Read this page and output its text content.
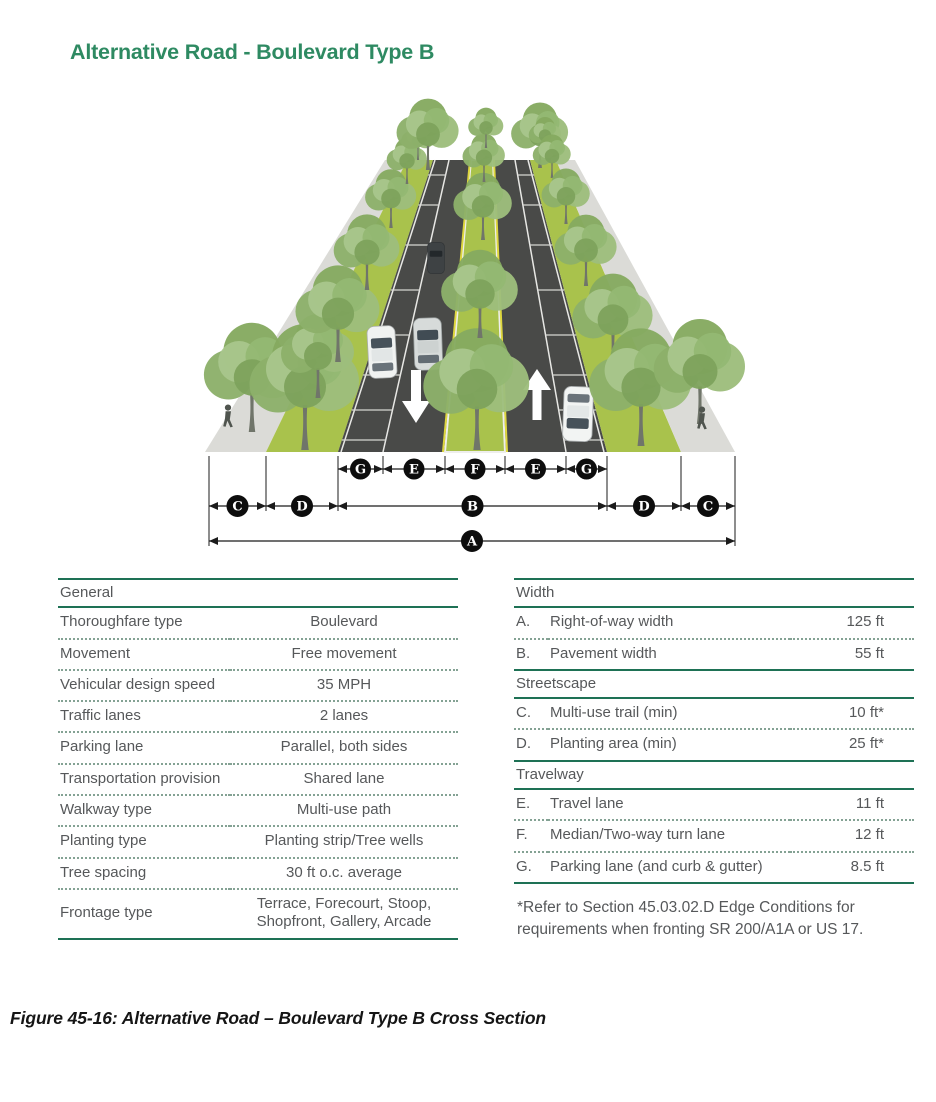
Alternative Road - Boulevard Type B
G	E	F	E	G
C	D	B	D	C
A
General	
Thoroughfare type	Boulevard
Movement	Free movement
Vehicular design speed	35 MPH
Traffic lanes	2 lanes
Parking lane	Parallel, both sides
Transportation provision	Shared lane
Walkway type	Multi-use path
Planting type	Planting strip/Tree wells
Tree spacing	30 ft o.c. average
Frontage type	Terrace, Forecourt, Stoop, Shopfront, Gallery, Arcade
Width		
A.	Right-of-way width	125 ft
B.	Pavement width	55 ft
Streetscape		
C.	Multi-use trail (min)	10 ft*
D.	Planting area (min)	25 ft*
Travelway		
E.	Travel lane	11 ft
F.	Median/Two-way turn lane	12 ft
G.	Parking lane (and curb & gutter)	8.5 ft

*Refer to Section 45.03.02.D Edge Conditions for requirements when fronting SR 200/A1A or US 17.

Figure 45-16: Alternative Road – Boulevard Type B Cross Section
